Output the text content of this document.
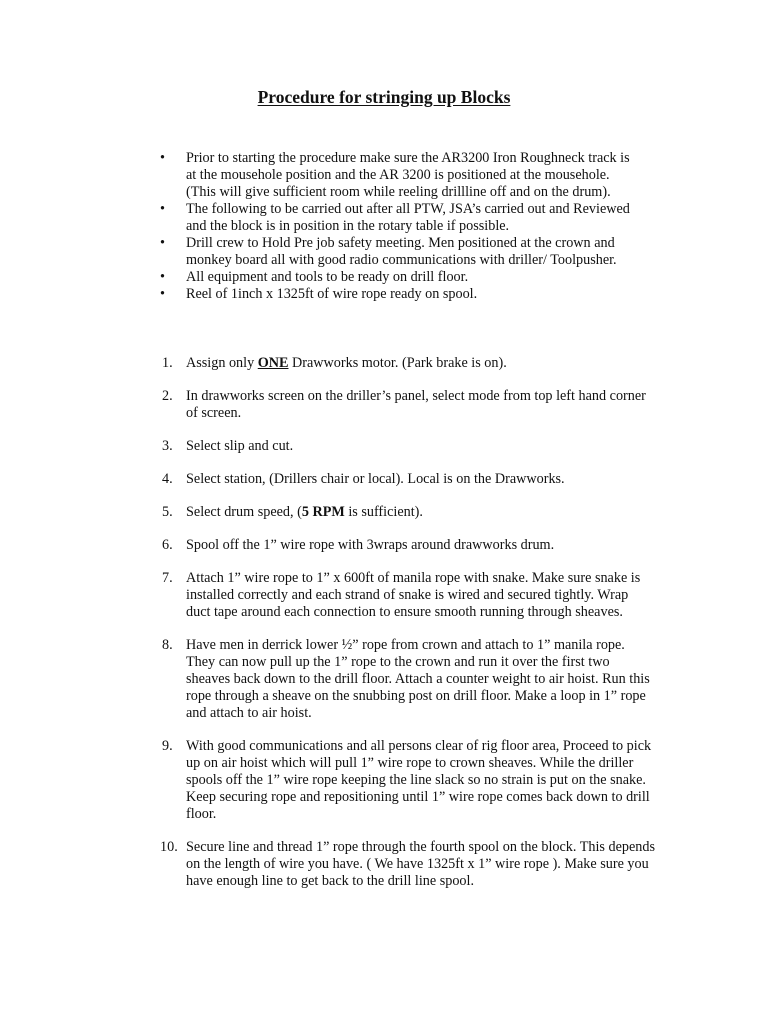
Procedure for stringing up Blocks
• Prior to starting the procedure make sure the AR3200 Iron Roughneck track is at the mousehole position and the AR 3200 is positioned at the mousehole. (This will give sufficient room while reeling drillline off and on the drum).
• The following to be carried out after all PTW, JSA’s carried out and Reviewed and the block is in position in the rotary table if possible.
• Drill crew to Hold Pre job safety meeting. Men positioned at the crown and monkey board all with good radio communications with driller/ Toolpusher.
• All equipment and tools to be ready on drill floor.
• Reel of 1inch x 1325ft of wire rope ready on spool.
1. Assign only ONE Drawworks motor. (Park brake is on).
2. In drawworks screen on the driller’s panel, select mode from top left hand corner of screen.
3. Select slip and cut.
4. Select station, (Drillers chair or local). Local is on the Drawworks.
5. Select drum speed, (5 RPM is sufficient).
6. Spool off the 1” wire rope with 3wraps around drawworks drum.
7. Attach 1” wire rope to 1” x 600ft of manila rope with snake. Make sure snake is installed correctly and each strand of snake is wired and secured tightly. Wrap duct tape around each connection to ensure smooth running through sheaves.
8. Have men in derrick lower ½” rope from crown and attach to 1” manila rope. They can now pull up the 1” rope to the crown and run it over the first two sheaves back down to the drill floor. Attach a counter weight to air hoist. Run this rope through a sheave on the snubbing post on drill floor. Make a loop in 1” rope and attach to air hoist.
9. With good communications and all persons clear of rig floor area, Proceed to pick up on air hoist which will pull 1” wire rope to crown sheaves. While the driller spools off the 1” wire rope keeping the line slack so no strain is put on the snake. Keep securing rope and repositioning until 1” wire rope comes back down to drill floor.
10. Secure line and thread 1” rope through the fourth spool on the block. This depends on the length of wire you have. ( We have 1325ft x 1” wire rope ). Make sure you have enough line to get back to the drill line spool.
